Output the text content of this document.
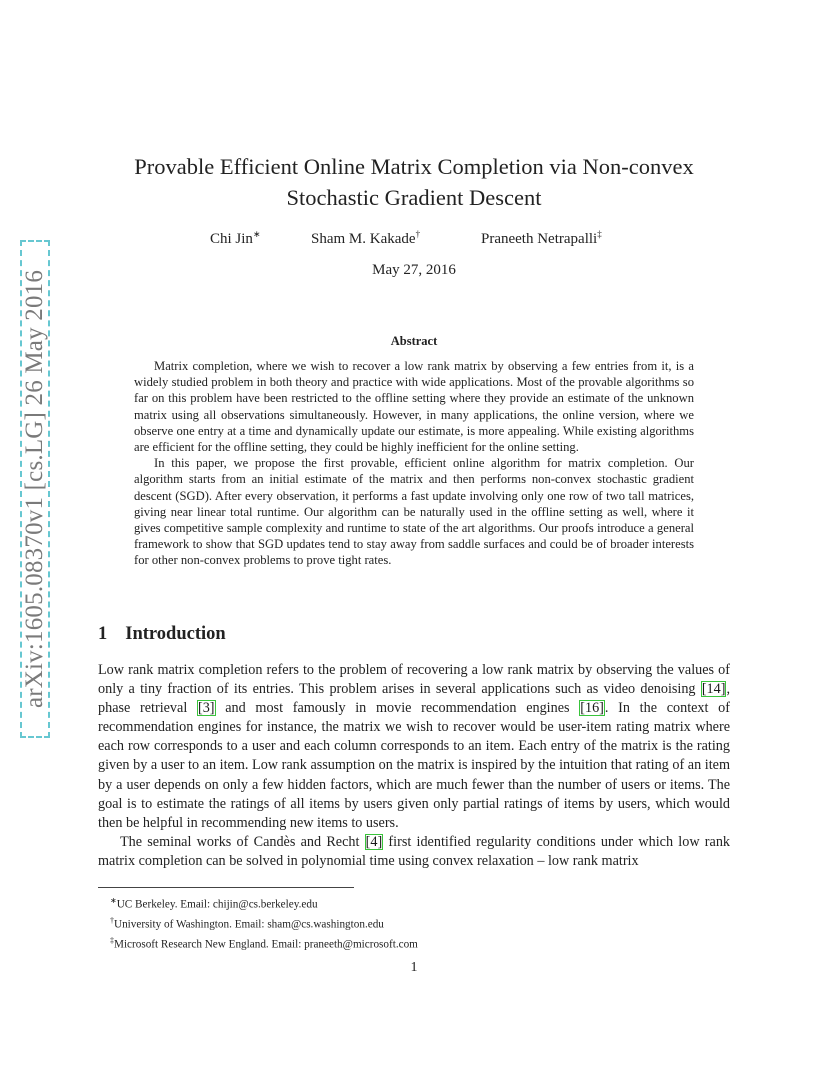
arXiv:1605.08370v1 [cs.LG] 26 May 2016
Provable Efficient Online Matrix Completion via Non-convex
Stochastic Gradient Descent
Chi Jin∗	Sham M. Kakade†	Praneeth Netrapalli‡
May 27, 2016
Abstract

Matrix completion, where we wish to recover a low rank matrix by observing a few entries from it, is a widely studied problem in both theory and practice with wide applications. Most of the provable algorithms so far on this problem have been restricted to the offline setting where they provide an estimate of the unknown matrix using all observations simultaneously. However, in many applications, the online version, where we observe one entry at a time and dynamically update our estimate, is more appealing. While existing algorithms are efficient for the offline setting, they could be highly inefficient for the online setting.

In this paper, we propose the first provable, efficient online algorithm for matrix completion. Our algorithm starts from an initial estimate of the matrix and then performs non-convex stochastic gradient descent (SGD). After every observation, it performs a fast update involving only one row of two tall matrices, giving near linear total runtime. Our algorithm can be naturally used in the offline setting as well, where it gives competitive sample complexity and runtime to state of the art algorithms. Our proofs introduce a general framework to show that SGD updates tend to stay away from saddle surfaces and could be of broader interests for other non-convex problems to prove tight rates.

1 Introduction

Low rank matrix completion refers to the problem of recovering a low rank matrix by observing the values of only a tiny fraction of its entries. This problem arises in several applications such as video denoising [14], phase retrieval [3] and most famously in movie recommendation engines [16]. In the context of recommendation engines for instance, the matrix we wish to recover would be user-item rating matrix where each row corresponds to a user and each column corresponds to an item. Each entry of the matrix is the rating given by a user to an item. Low rank assumption on the matrix is inspired by the intuition that rating of an item by a user depends on only a few hidden factors, which are much fewer than the number of users or items. The goal is to estimate the ratings of all items by users given only partial ratings of items by users, which would then be helpful in recommending new items to users.

The seminal works of Candès and Recht [4] first identified regularity conditions under which low rank matrix completion can be solved in polynomial time using convex relaxation – low rank matrix

∗UC Berkeley. Email: chijin@cs.berkeley.edu
†University of Washington. Email: sham@cs.washington.edu
‡Microsoft Research New England. Email: praneeth@microsoft.com
1
